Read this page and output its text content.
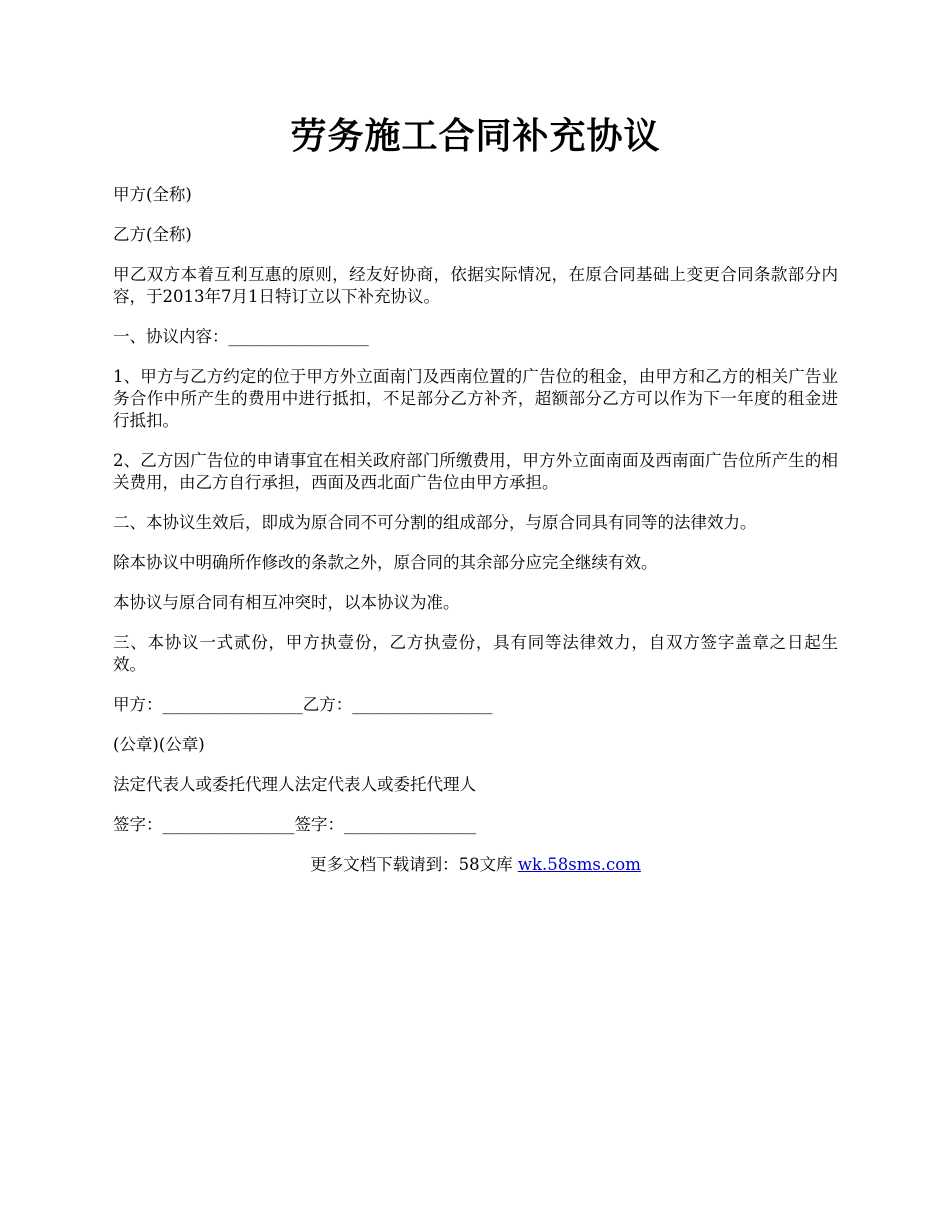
劳务施工合同补充协议

甲方(全称)

乙方(全称)

甲乙双方本着互利互惠的原则，经友好协商，依据实际情况，在原合同基础上变更合同条款部分内容，于2013年7月1日特订立以下补充协议。

一、协议内容：_________________

1、甲方与乙方约定的位于甲方外立面南门及西南位置的广告位的租金，由甲方和乙方的相关广告业务合作中所产生的费用中进行抵扣，不足部分乙方补齐，超额部分乙方可以作为下一年度的租金进行抵扣。

2、乙方因广告位的申请事宜在相关政府部门所缴费用，甲方外立面南面及西南面广告位所产生的相关费用，由乙方自行承担，西面及西北面广告位由甲方承担。

二、本协议生效后，即成为原合同不可分割的组成部分，与原合同具有同等的法律效力。

除本协议中明确所作修改的条款之外，原合同的其余部分应完全继续有效。

本协议与原合同有相互冲突时，以本协议为准。

三、本协议一式贰份，甲方执壹份，乙方执壹份，具有同等法律效力，自双方签字盖章之日起生效。

甲方：_________________乙方：_________________

(公章)(公章)

法定代表人或委托代理人法定代表人或委托代理人

签字：________________签字：________________

更多文档下载请到：58文库 wk.58sms.com
